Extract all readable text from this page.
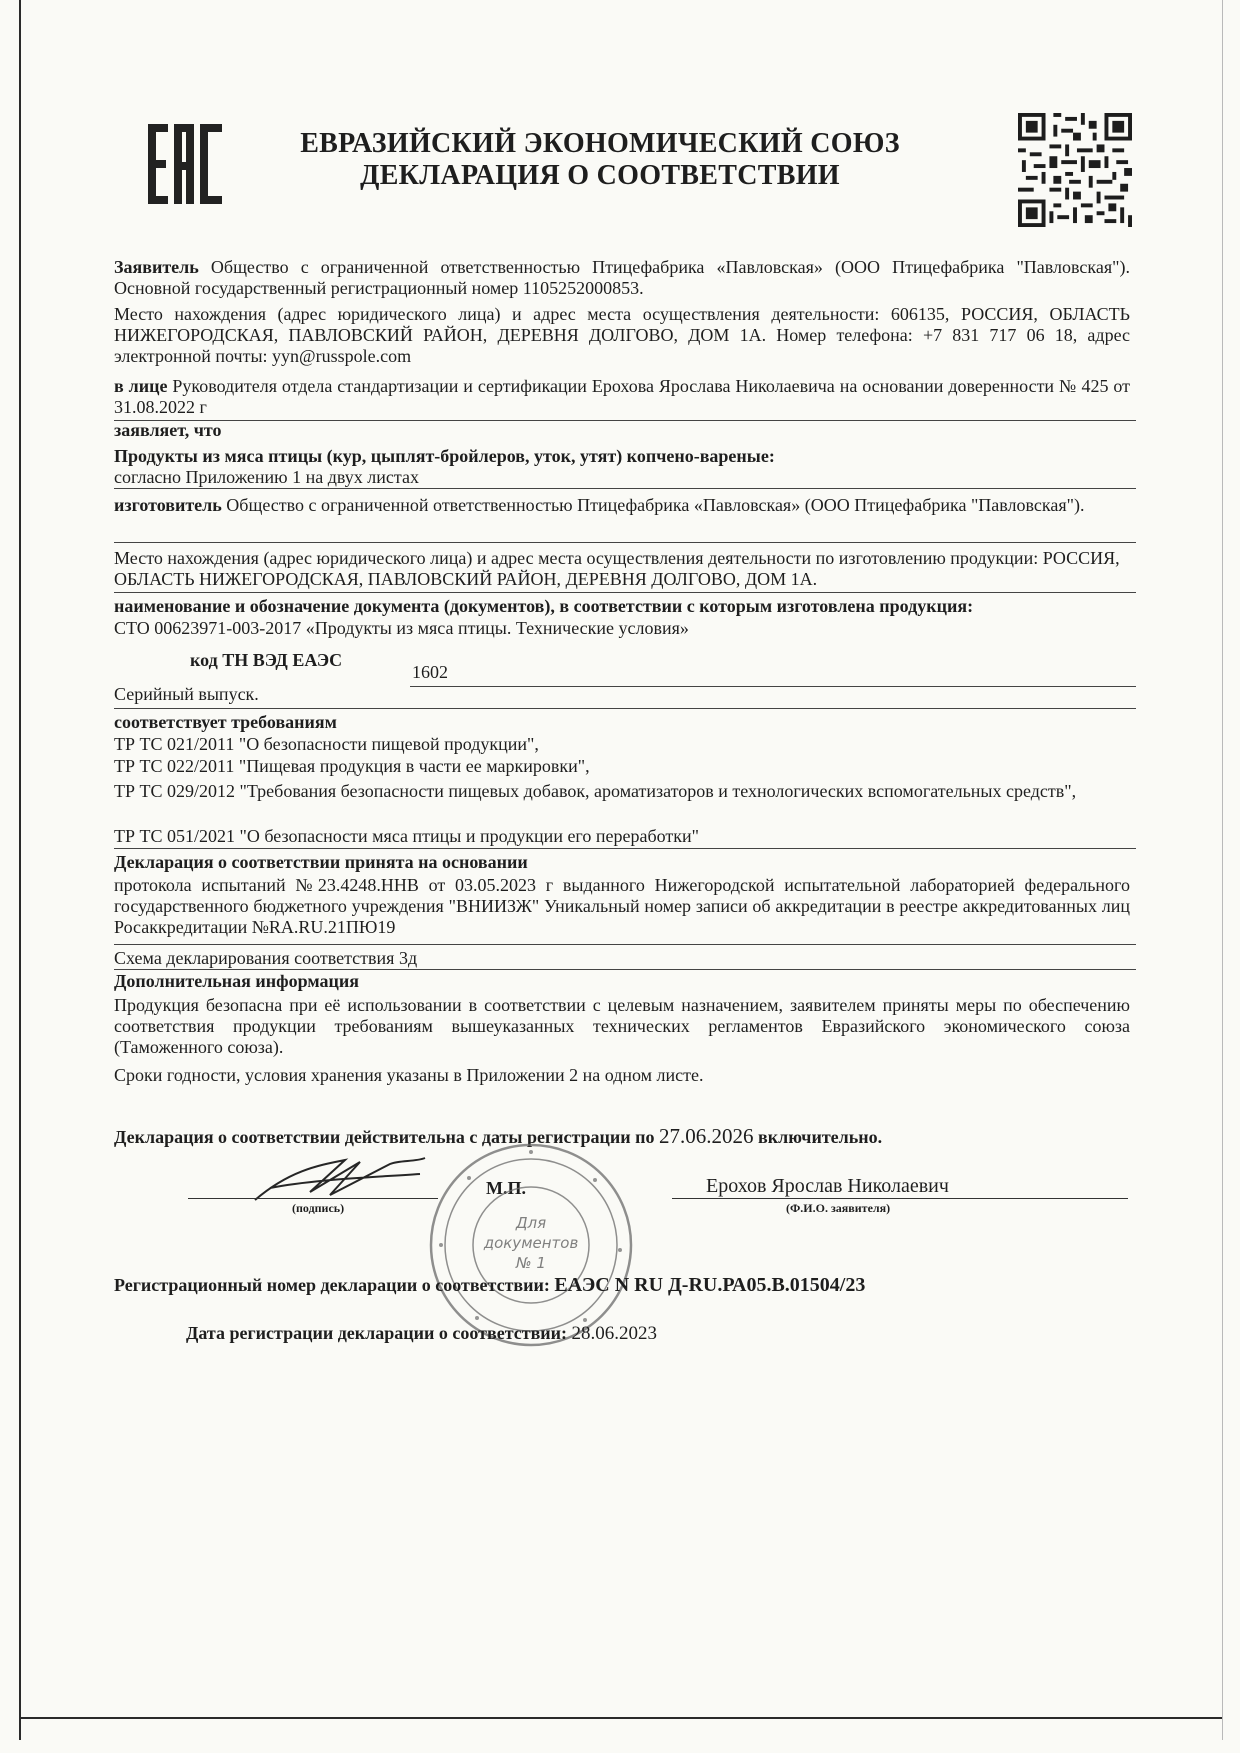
ЕВРАЗИЙСКИЙ ЭКОНОМИЧЕСКИЙ СОЮЗ
ДЕКЛАРАЦИЯ О СООТВЕТСТВИИ

Заявитель Общество с ограниченной ответственностью Птицефабрика «Павловская» (ООО Птицефабрика "Павловская"). Основной государственный регистрационный номер 1105252000853.

Место нахождения (адрес юридического лица) и адрес места осуществления деятельности: 606135, РОССИЯ, ОБЛАСТЬ НИЖЕГОРОДСКАЯ, ПАВЛОВСКИЙ РАЙОН, ДЕРЕВНЯ ДОЛГОВО, ДОМ 1А. Номер телефона: +7 831 717 06 18, адрес электронной почты: yyn@russpole.com

в лице Руководителя отдела стандартизации и сертификации Ерохова Ярослава Николаевича на основании доверенности № 425 от 31.08.2022 г

заявляет, что

Продукты из мяса птицы (кур, цыплят-бройлеров, уток, утят) копчено-вареные:

согласно Приложению 1 на двух листах

изготовитель Общество с ограниченной ответственностью Птицефабрика «Павловская» (ООО Птицефабрика "Павловская").

Место нахождения (адрес юридического лица) и адрес места осуществления деятельности по изготовлению продукции: РОССИЯ, ОБЛАСТЬ НИЖЕГОРОДСКАЯ, ПАВЛОВСКИЙ РАЙОН, ДЕРЕВНЯ ДОЛГОВО, ДОМ 1А.

наименование и обозначение документа (документов), в соответствии с которым изготовлена продукция:

СТО 00623971-003-2017 «Продукты из мяса птицы. Технические условия»

код ТН ВЭД ЕАЭС

1602

Серийный выпуск.

соответствует требованиям

ТР ТС 021/2011 "О безопасности пищевой продукции",

ТР ТС 022/2011 "Пищевая продукция в части ее маркировки",

ТР ТС 029/2012 "Требования безопасности пищевых добавок, ароматизаторов и технологических вспомогательных средств",

ТР ТС 051/2021 "О безопасности мяса птицы и продукции его переработки"

Декларация о соответствии принята на основании

протокола испытаний №23.4248.ННВ от 03.05.2023 г выданного Нижегородской испытательной лабораторией федерального государственного бюджетного учреждения "ВНИИЗЖ" Уникальный номер записи об аккредитации в реестре аккредитованных лиц Росаккредитации №RA.RU.21ПЮ19

Схема декларирования соответствия 3д

Дополнительная информация

Продукция безопасна при её использовании в соответствии с целевым назначением, заявителем приняты меры по обеспечению соответствия продукции требованиям вышеуказанных технических регламентов Евразийского экономического союза (Таможенного союза).

Сроки годности, условия хранения указаны в Приложении 2 на одном листе.

Декларация о соответствии действительна с даты регистрации по 27.06.2026 включительно.

(подпись)
М.П.	Ерохов Ярослав Николаевич
(Ф.И.О. заявителя)
Для
документов
№ 1

Регистрационный номер декларации о соответствии: ЕАЭС N RU Д-RU.РА05.В.01504/23

Дата регистрации декларации о соответствии: 28.06.2023
